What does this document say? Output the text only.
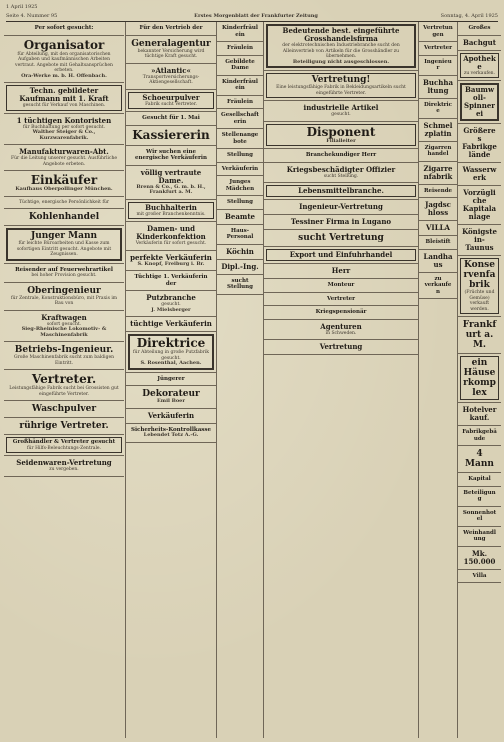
1 April 1925
Seite 4. Nummer 95	Erstes Morgenblatt der Frankfurter Zeitung	Sonntag, 4. April 1925
Per sofort gesucht:
Organisator
für Abteilung, mit den organisatorischen Aufgaben und kaufmännischen Arbeiten vertraut. Angebote mit Gehaltsansprüchen erbeten.
Ora-Werke m. b. H. Offenbach.
Techn. gebildeter Kaufmann mit 1. Kraft
gesucht für Verkauf von Maschinen.
1 tüchtigen Kontoristen
für Buchhaltung per sofort gesucht.
Walther Steiger & Co., Kurzwarenfabrik.
Manufakturwaren-Abt.
Für die Leitung unserer gesucht. Ausführliche Angebote erbeten.
Einkäufer
Kaufhaus Oberpollinger München.
Tüchtige, energische Persönlichkeit für
Kohlenhandel
Junger Mann
für leichte Büroarbeiten und Kasse zum sofortigen Eintritt gesucht. Angebote mit Zeugnissen.
Reisender auf Feuerwehrartikel
bei hoher Provision gesucht.
Oberingenieur
für Zentrale, Konstruktionsbüro, mit Praxis im Bau von
Kraftwagen
sofort gesucht.
Sieg-Rheinische Lokomotiv- & Maschinenfabrik
Betriebs-Ingenieur.
Große Maschinenfabrik sucht zum baldigen Eintritt.
Vertreter.
Leistungsfähige Fabrik sucht bei Grossisten gut eingeführte Vertreter.
Waschpulver
rührige Vertreter.
Großhändler & Vertreter gesucht
für Hilfs-Beleuchtungs-Zentrale.
Seidenwaren-Vertretung
zu vergeben.
Für den Vertrieb der
Generalagentur
bekannter Versicherung wird tüchtige Kraft gesucht.
»Atlantic«
Transportversicherungs-Aktiengesellschaft.
Schoeurpulver
Fabrik sucht Vertreter.
Gesucht für 1. Mai
Kassiererin
Wir suchen eine energische Verkäuferin
völlig vertraute Dame.
Brenn & Co., G. m. b. H., Frankfurt a. M.
Buchhalterin
mit großer Branchenkenntnis.
Damen- und Kinderkonfektion
Verkäuferin für sofort gesucht.
perfekte Verkäuferin
S. Knopf, Freiburg i. Br.
Tüchtige 1. Verkäuferin der
Putzbranche
gesucht.
J. Mielsberger
tüchtige Verkäuferin
Direktrice
für Abteilung in große Putzfabrik gesucht.
S. Rosenthal, Aachen.
Jüngerer
Dekorateur
Emil Boer
Verkäuferin
Sicherheits-Kontrollkasse
Lebendet Totz A.-G.
Kinderfräulein
Fräulein
Gebildete Dame
Kinderfräulein
Fräulein
Gesellschafterin
Stellenangebote
Stellung
Verkäuferin
Junges Mädchen
Stellung
Beamte
Haus-Personal
Köchin
Dipl.-Ing.
sucht Stellung
Bedeutende best. eingeführte Grosshandelsfirma
der elektrotechnischen Industriebranche sucht den Alleinvertrieb von Artikeln für die Grosshändler zu übernehmen.
Beteiligung nicht ausgeschlossen.
Vertretung!
Eine leistungsfähige Fabrik in Bekleidungsartikeln sucht eingeführte Vertreter.
industrielle Artikel
gesucht.
Disponent
Filialleiter
Branchekundiger Herr
Kriegsbeschädigter Offizier
sucht Stellung.
Lebensmittelbranche.
Ingenieur-Vertretung
Tessiner Firma in Lugano
sucht Vertretung
Export und Einfuhrhandel
Herr
Monteur
Vertreter
Kriegspensionär
Agenturen
in Schweden.
Vertretung
Vertretungen
Vertreter
Ingenieur
Buchhaltung
Direktrice
Schmelzplatin
Zigarrenhandel
Zigarrenfabrik
Reisende
Jagdschloss
VILLA
Bleistift
Landhaus
zu verkaufen
Großes
Bachgut
Apotheke
zu verkaufen.
Baumwoll-Spinnerei
Größeres Fabrikgelände
Wasserwerk
Vorzügliche Kapitalanlage
Königstein-Taunus
Konservenfabrik
(Früchte und Gemüse) verkauft werden.
Frankfurt a. M.
ein Häuserkomplex
Hotelverkauf.
Fabrikgebäude
4 Mann
Kapital
Beteiligung
Sonnenhotel
Weinhandlung
Mk. 150.000
Villa
